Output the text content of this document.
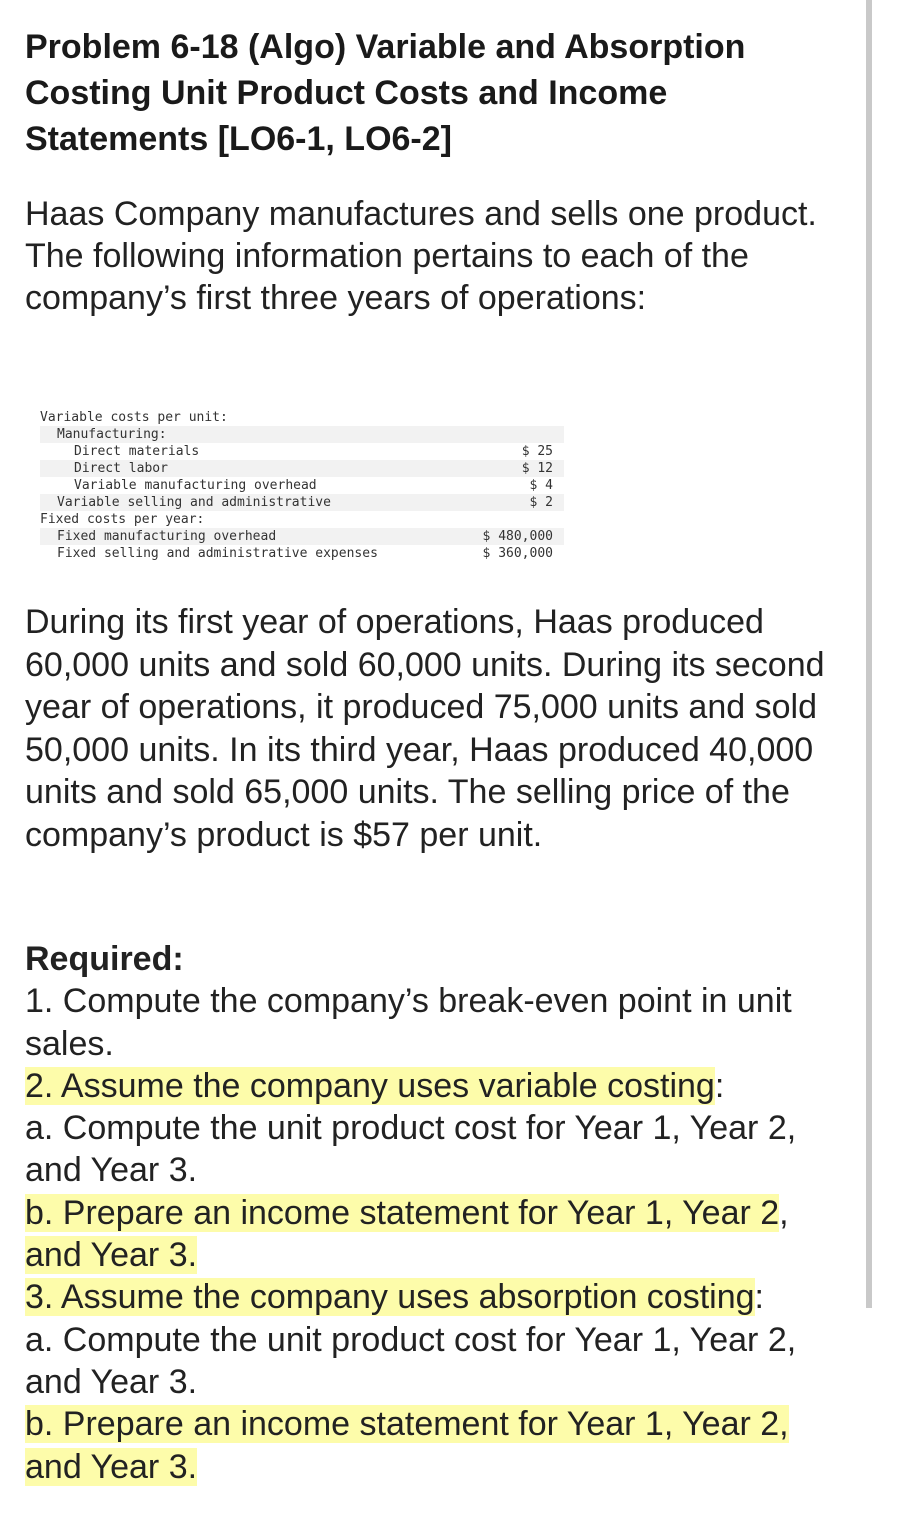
Problem 6-18 (Algo) Variable and Absorption Costing Unit Product Costs and Income Statements [LO6-1, LO6-2]
Haas Company manufactures and sells one product. The following information pertains to each of the company’s first three years of operations:
Variable costs per unit:	
Manufacturing:	
Direct materials	$ 25
Direct labor	$ 12
Variable manufacturing overhead	$ 4
Variable selling and administrative	$ 2
Fixed costs per year:	
Fixed manufacturing overhead	$ 480,000
Fixed selling and administrative expenses	$ 360,000
During its first year of operations, Haas produced 60,000 units and sold 60,000 units. During its second year of operations, it produced 75,000 units and sold 50,000 units. In its third year, Haas produced 40,000 units and sold 65,000 units. The selling price of the company’s product is $57 per unit.
Required:
1. Compute the company’s break-even point in unit
sales.
2. Assume the company uses variable costing:
a. Compute the unit product cost for Year 1, Year 2,
and Year 3.
b. Prepare an income statement for Year 1, Year 2,
and Year 3.
3. Assume the company uses absorption costing:
a. Compute the unit product cost for Year 1, Year 2,
and Year 3.
b. Prepare an income statement for Year 1, Year 2,
and Year 3.
